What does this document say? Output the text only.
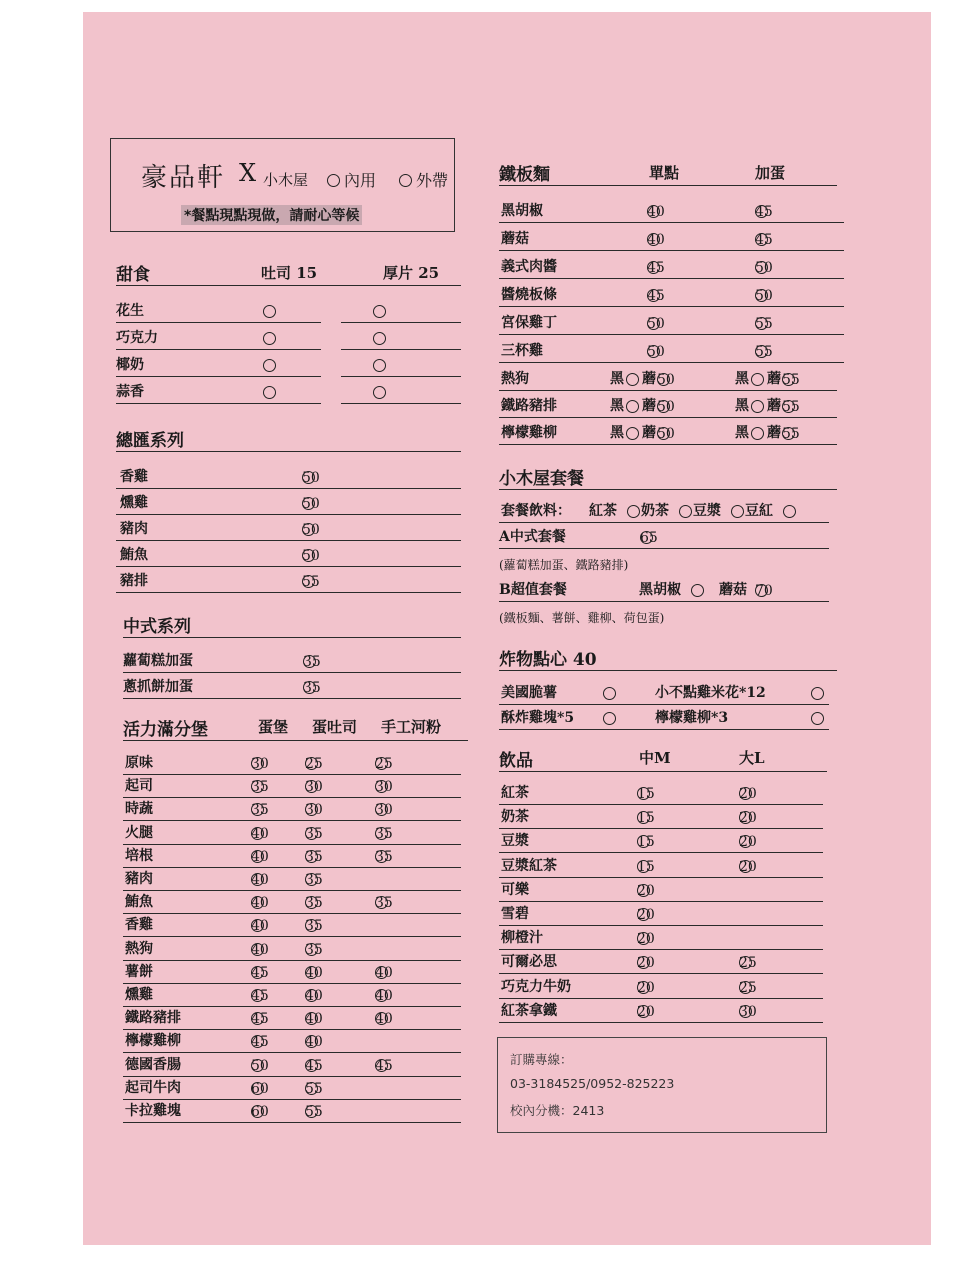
豪品軒 X 小木屋	內用	外帶
*餐點現點現做，請耐心等候
訂購專線：
03-3184525/0952-825223
校內分機：2413
甜食	吐司 15	厚片 25
花生
巧克力
椰奶
蒜香
總匯系列
香雞	50
燻雞	50
豬肉	50
鮪魚	50
豬排	55
中式系列
蘿蔔糕加蛋	35
蔥抓餅加蛋	35
活力滿分堡	蛋堡 蛋吐司 手工河粉
原味	30	25	25
起司	35	30	30
時蔬	35	30	30
火腿	40	35	35
培根	40	35	35
豬肉	40	35
鮪魚	40	35	35
香雞	40	35
熱狗	40	35
薯餅	45	40	40
燻雞	45	40	40
鐵路豬排	45	40	40
檸檬雞柳	45	40
德國香腸	50	45	45
起司牛肉	60	55
卡拉雞塊	60	55
鐵板麵	單點	加蛋
黑胡椒	40	45
蘑菇	40	45
義式肉醬	45	50
醬燒板條	45	50
宮保雞丁	50	55
三杯雞	50	55
熱狗	黑 蘑 50	黑 蘑 55
鐵路豬排	黑 蘑 50	黑 蘑 55
檸檬雞柳	黑 蘑 50	黑 蘑 55
小木屋套餐
套餐飲料： 紅茶 奶茶 豆漿 豆紅
A中式套餐	65
(蘿蔔糕加蛋、鐵路豬排)
B超值套餐	黑胡椒	蘑菇 70
(鐵板麵、薯餅、雞柳、荷包蛋)
炸物點心 40
美國脆薯	小不點雞米花*12
酥炸雞塊*5	檸檬雞柳*3
飲品	中M	大L
紅茶	15	20
奶茶	15	20
豆漿	15	20
豆漿紅茶	15	20
可樂	20
雪碧	20
柳橙汁	20
可爾必思	20	25
巧克力牛奶	20	25
紅茶拿鐵	20	30
